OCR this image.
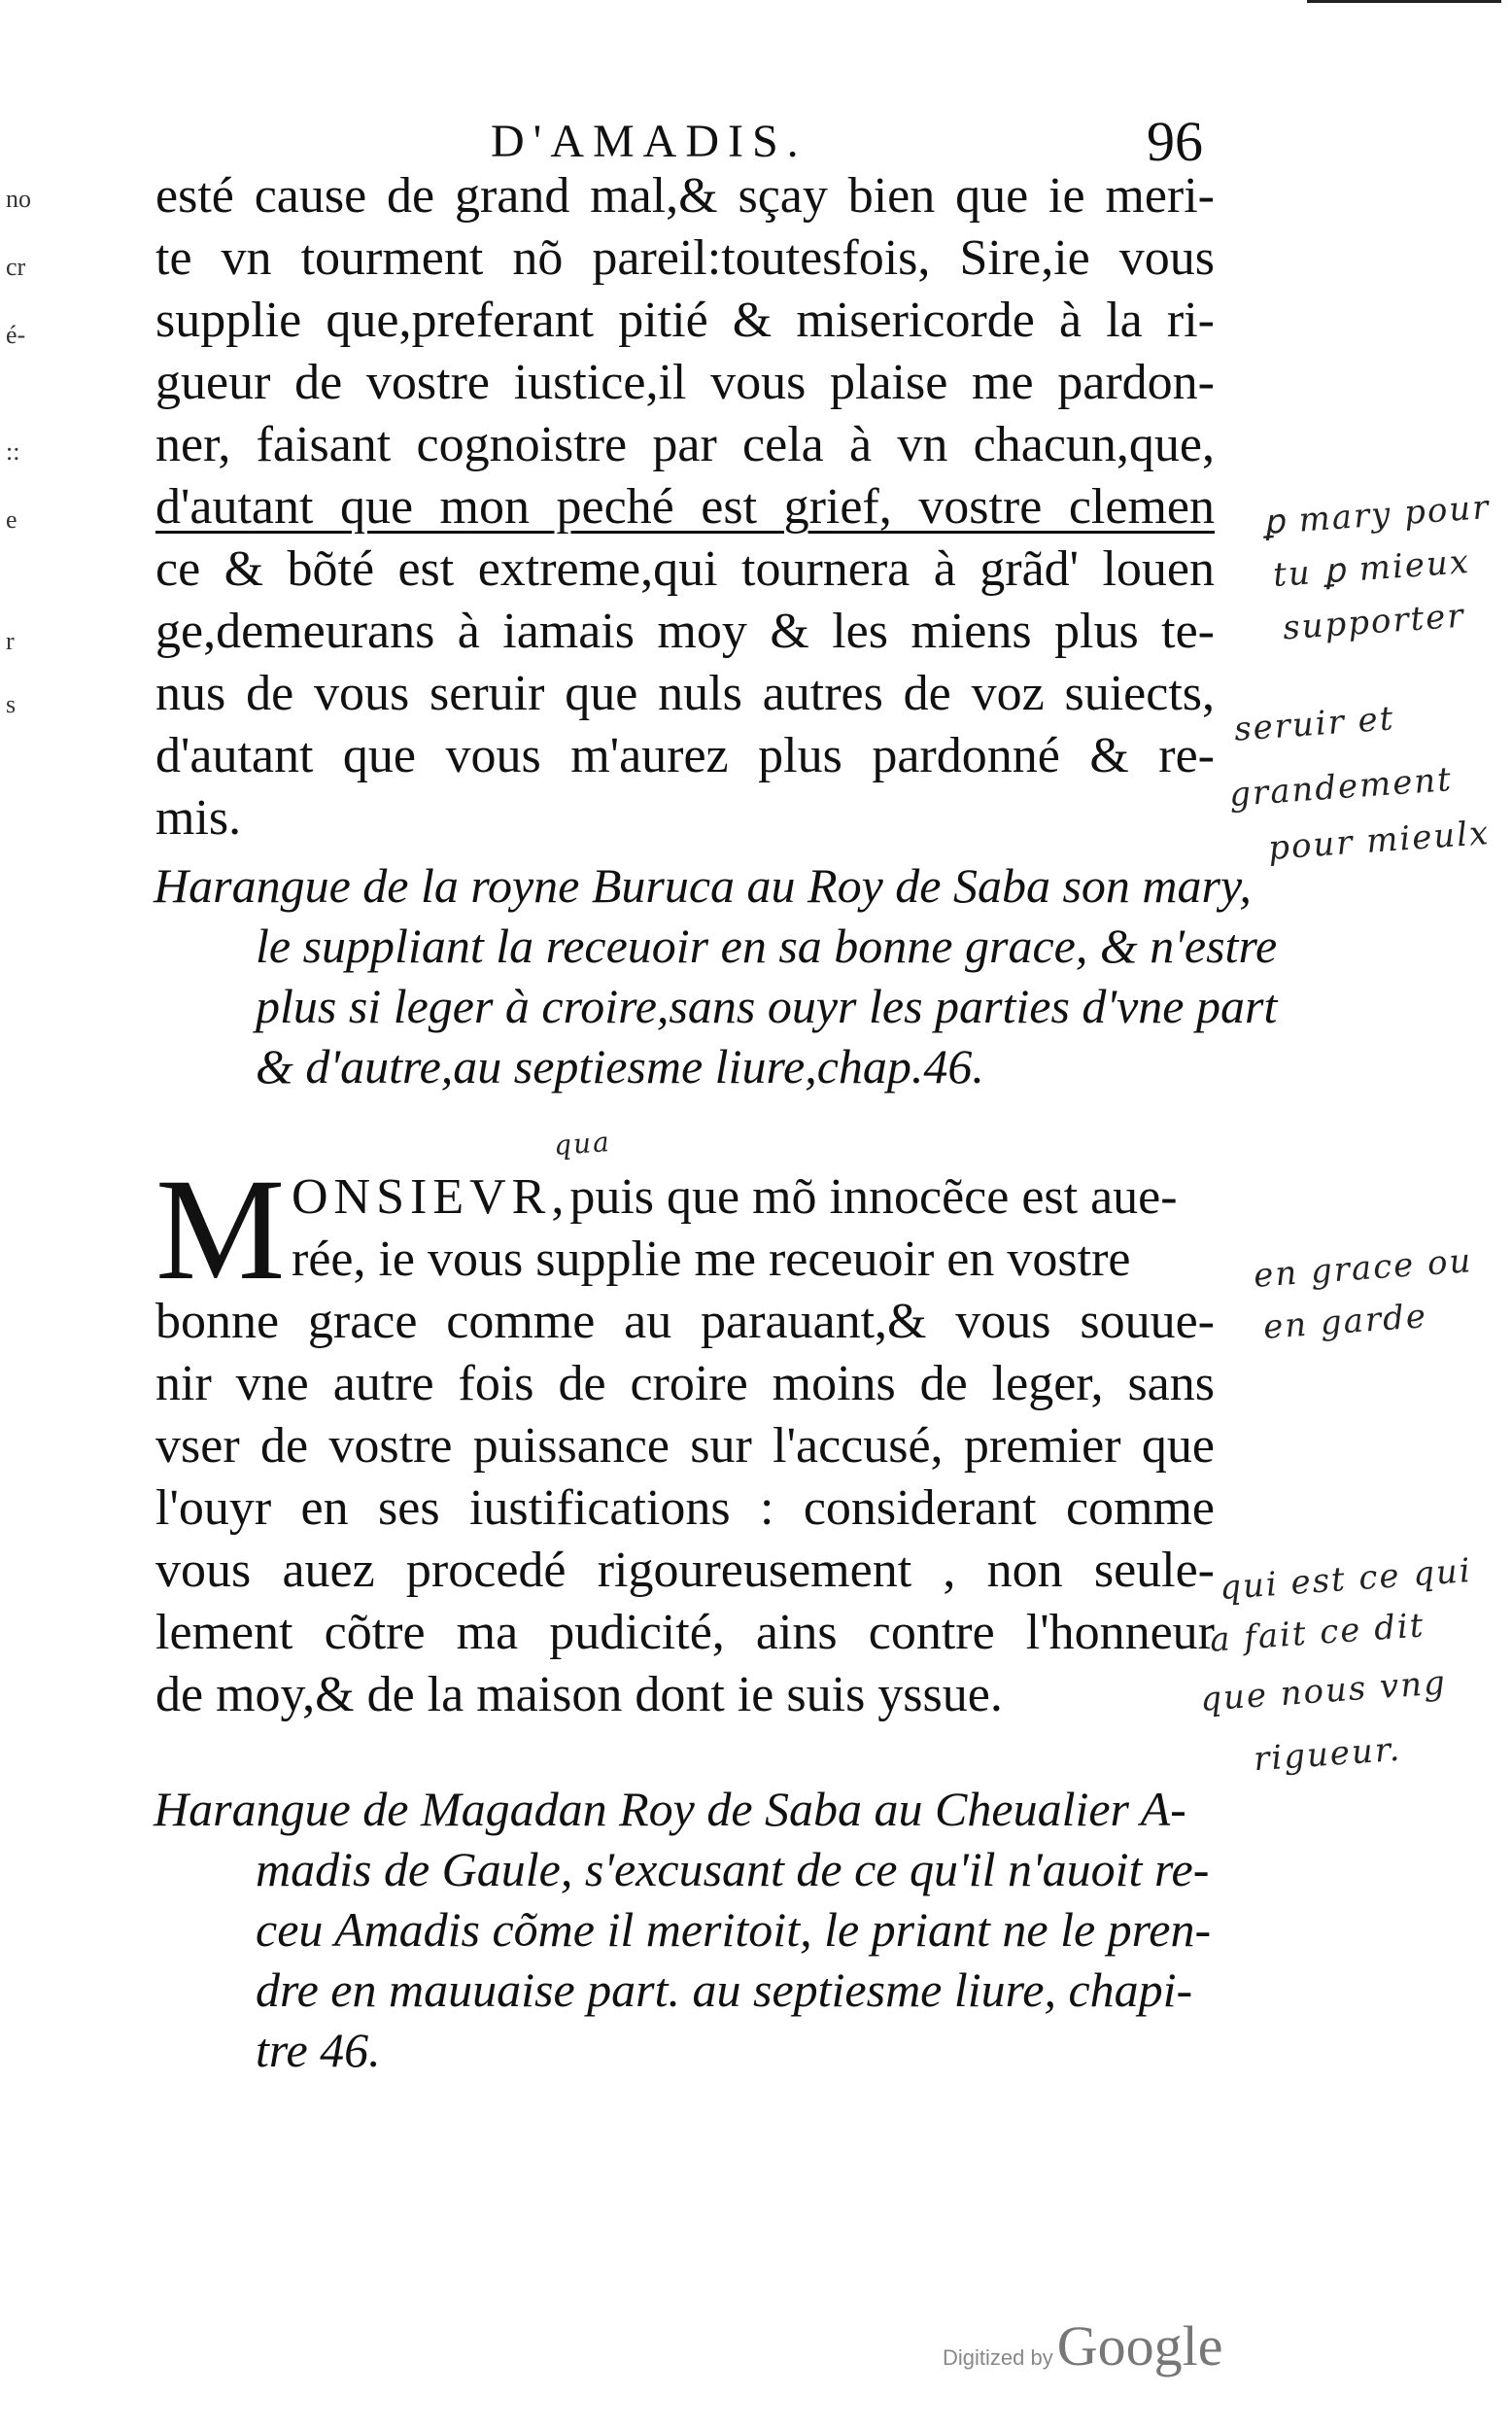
D'AMADIS.	96
no
cr
é-
::
e
r
s
esté cause de grand mal,& sçay bien que ie meri-
te vn tourment nõ pareil:toutesfois, Sire,ie vous
supplie que,preferant pitié & misericorde à la ri-
gueur de vostre iustice,il vous plaise me pardon-
ner, faisant cognoistre par cela à vn chacun,que,
d'autant que mon peché est grief, vostre clemen
ce & bõté est extreme,qui tournera à grãd' louen
ge,demeurans à iamais moy & les miens plus te-
nus de vous seruir que nuls autres de voz suiects,
d'autant que vous m'aurez plus pardonné & re-
mis.
Harangue de la royne Buruca au Roy de Saba son mary,
le suppliant la receuoir en sa bonne grace, & n'estre
plus si leger à croire,sans ouyr les parties d'vne part
& d'autre,au septiesme liure,chap.46.
M ONSIEVR,puis que mõ innocẽce est aue-
rée, ie vous supplie me receuoir en vostre
bonne grace comme au parauant,& vous souue-
nir vne autre fois de croire moins de leger, sans
vser de vostre puissance sur l'accusé, premier que
l'ouyr en ses iustifications : considerant comme
vous auez procedé rigoureusement , non seule-
lement cõtre ma pudicité, ains contre l'honneur
de moy,& de la maison dont ie suis yssue.
Harangue de Magadan Roy de Saba au Cheualier A-
madis de Gaule, s'excusant de ce qu'il n'auoit re-
ceu Amadis cõme il meritoit, le priant ne le pren-
dre en mauuaise part. au septiesme liure, chapi-
tre 46.
ꝑ mary pour
tu ꝑ mieux
supporter
seruir et
grandement
pour mieulx
en grace ou
en garde
qui est ce qui
a fait ce dit
que nous vng
rigueur.
qua
Digitized byGoogle
